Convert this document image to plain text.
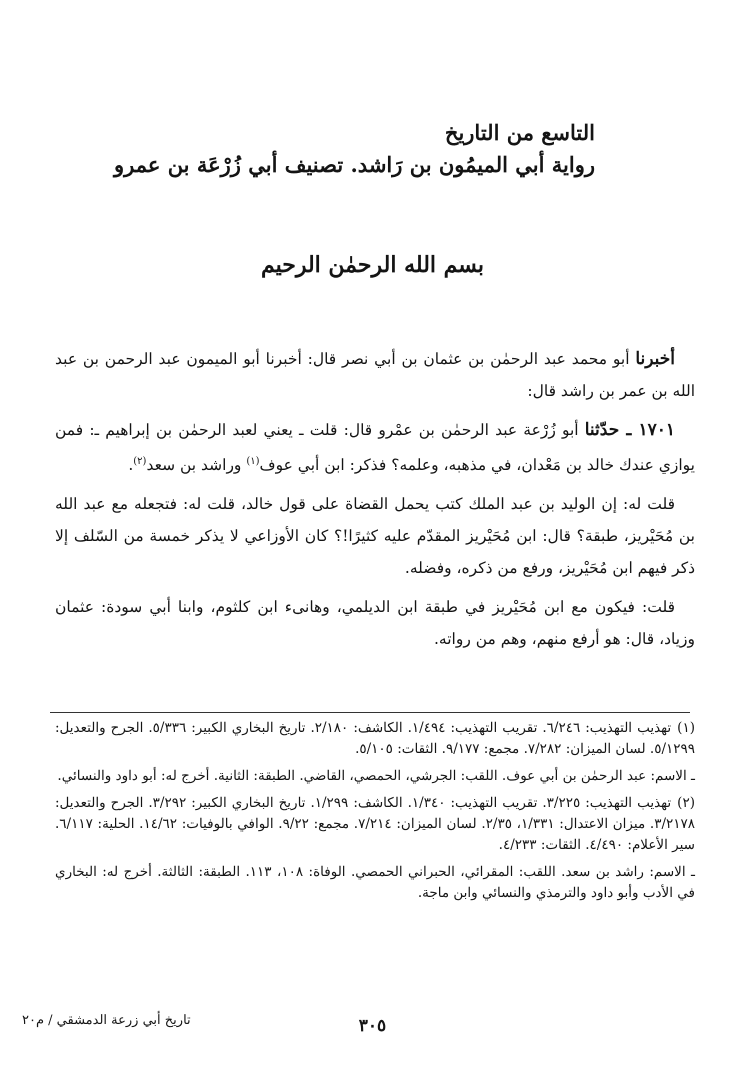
التاسع من التاريخ
رواية أبي الميمُون بن رَاشد. تصنيف أبي زُرْعَة بن عمرو
بسم الله الرحمٰن الرحيم

أخبرنا أبو محمد عبد الرحمٰن بن عثمان بن أبي نصر قال: أخبرنا أبو الميمون عبد الرحمن بن عبد الله بن عمر بن راشد قال:

١٧٠١ ـ حدّثنا أبو زُرْعة عبد الرحمٰن بن عمْرو قال: قلت ـ يعني لعبد الرحمٰن بن إبراهيم ـ: فمن يوازي عندك خالد بن مَعْدان، في مذهبه، وعلمه؟ فذكر: ابن أبي عوف$^{(١)}$ وراشد بن سعد$^{(٢)}$.

قلت له: إن الوليد بن عبد الملك كتب يحمل القضاة على قول خالد، قلت له: فتجعله مع عبد الله بن مُحَيْريز، طبقة؟ قال: ابن مُحَيْريز المقدّم عليه كثيرًا!؟ كان الأوزاعي لا يذكر خمسة من السّلف إلا ذكر فيهم ابن مُحَيْريز، ورفع من ذكره، وفضله.

قلت: فيكون مع ابن مُحَيْريز في طبقة ابن الديلمي، وهانىء ابن كلثوم، وابنا أبي سودة: عثمان وزياد، قال: هو أرفع منهم، وهم من رواته.

(١)تهذيب التهذيب: ٦/٢٤٦. تقريب التهذيب: ١/٤٩٤. الكاشف: ٢/١٨٠. تاريخ البخاري الكبير: ٥/٣٣٦. الجرح والتعديل: ٥/١٢٩٩. لسان الميزان: ٧/٢٨٢. مجمع: ٩/١٧٧. الثقات: ٥/١٠٥.

ـ الاسم: عبد الرحمٰن بن أبي عوف. اللقب: الجرشي، الحمصي، القاضي. الطبقة: الثانية. أخرج له: أبو داود والنسائي.

(٢)تهذيب التهذيب: ٣/٢٢٥. تقريب التهذيب: ١/٣٤٠. الكاشف: ١/٢٩٩. تاريخ البخاري الكبير: ٣/٢٩٢. الجرح والتعديل: ٣/٢١٧٨. ميزان الاعتدال: ١/٣٣١، ٢/٣٥. لسان الميزان: ٧/٢١٤. مجمع: ٩/٢٢. الوافي بالوفيات: ١٤/٦٢. الحلية: ٦/١١٧. سير الأعلام: ٤/٤٩٠. الثقات: ٤/٢٣٣.

ـ الاسم: راشد بن سعد. اللقب: المقرائي، الحبراني الحمصي. الوفاة: ١٠٨، ١١٣. الطبقة: الثالثة. أخرج له: البخاري في الأدب وأبو داود والترمذي والنسائي وابن ماجة.

تاريخ أبي زرعة الدمشقي / م٢٠	٣٠٥
